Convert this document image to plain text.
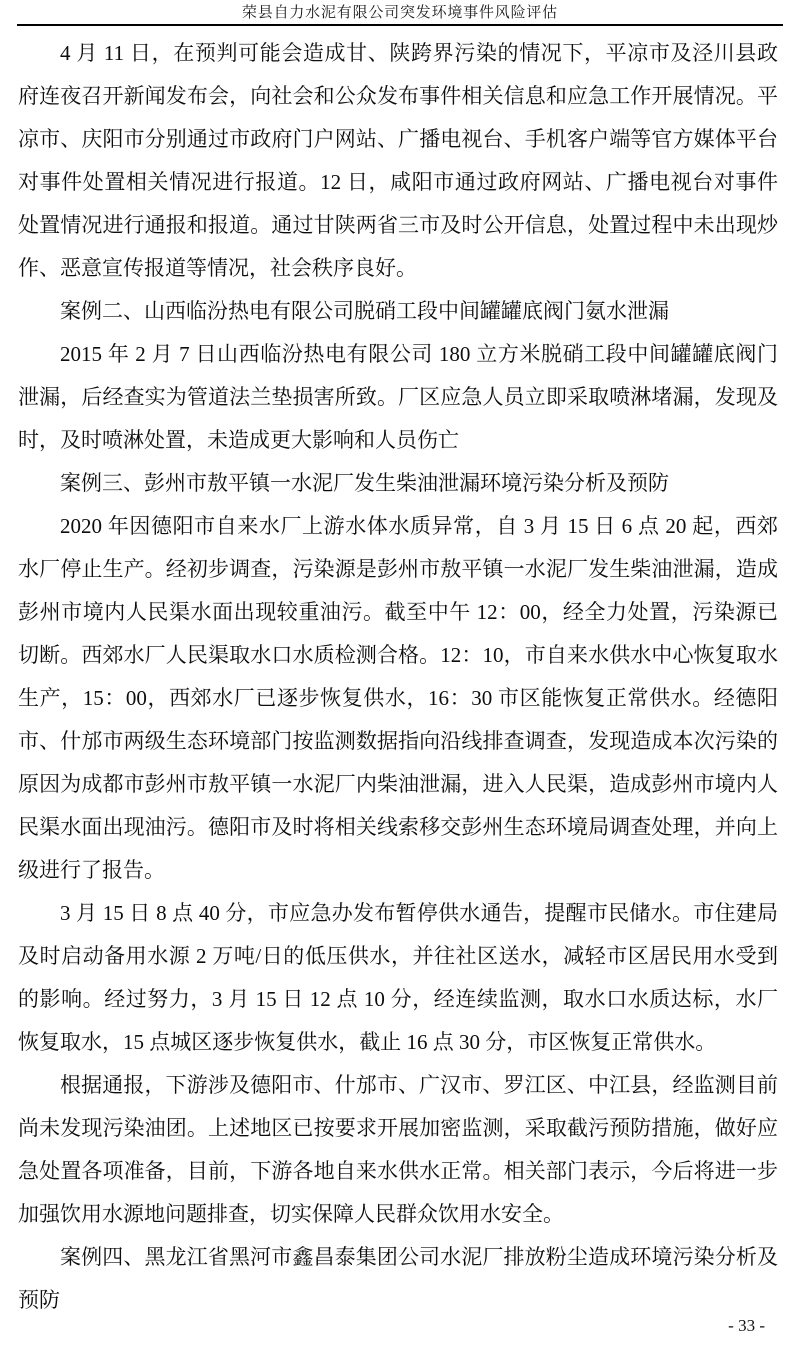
荣县自力水泥有限公司突发环境事件风险评估

4 月 11 日，在预判可能会造成甘、陕跨界污染的情况下，平凉市及泾川县政府连夜召开新闻发布会，向社会和公众发布事件相关信息和应急工作开展情况。平凉市、庆阳市分别通过市政府门户网站、广播电视台、手机客户端等官方媒体平台对事件处置相关情况进行报道。12 日，咸阳市通过政府网站、广播电视台对事件处置情况进行通报和报道。通过甘陕两省三市及时公开信息，处置过程中未出现炒作、恶意宣传报道等情况，社会秩序良好。

案例二、山西临汾热电有限公司脱硝工段中间罐罐底阀门氨水泄漏

2015 年 2 月 7 日山西临汾热电有限公司 180 立方米脱硝工段中间罐罐底阀门泄漏，后经查实为管道法兰垫损害所致。厂区应急人员立即采取喷淋堵漏，发现及时，及时喷淋处置，未造成更大影响和人员伤亡

案例三、彭州市敖平镇一水泥厂发生柴油泄漏环境污染分析及预防

2020 年因德阳市自来水厂上游水体水质异常，自 3 月 15 日 6 点 20 起，西郊水厂停止生产。经初步调查，污染源是彭州市敖平镇一水泥厂发生柴油泄漏，造成彭州市境内人民渠水面出现较重油污。截至中午 12：00，经全力处置，污染源已切断。西郊水厂人民渠取水口水质检测合格。12：10，市自来水供水中心恢复取水生产，15：00，西郊水厂已逐步恢复供水，16：30 市区能恢复正常供水。经德阳市、什邡市两级生态环境部门按监测数据指向沿线排查调查，发现造成本次污染的原因为成都市彭州市敖平镇一水泥厂内柴油泄漏，进入人民渠，造成彭州市境内人民渠水面出现油污。德阳市及时将相关线索移交彭州生态环境局调查处理，并向上级进行了报告。

3 月 15 日 8 点 40 分，市应急办发布暂停供水通告，提醒市民储水。市住建局及时启动备用水源 2 万吨/日的低压供水，并往社区送水，减轻市区居民用水受到的影响。经过努力，3 月 15 日 12 点 10 分，经连续监测，取水口水质达标，水厂恢复取水，15 点城区逐步恢复供水，截止 16 点 30 分，市区恢复正常供水。

根据通报，下游涉及德阳市、什邡市、广汉市、罗江区、中江县，经监测目前尚未发现污染油团。上述地区已按要求开展加密监测，采取截污预防措施，做好应急处置各项准备，目前，下游各地自来水供水正常。相关部门表示，今后将进一步加强饮用水源地问题排查，切实保障人民群众饮用水安全。

案例四、黑龙江省黑河市鑫昌泰集团公司水泥厂排放粉尘造成环境污染分析及预防

- 33 -
